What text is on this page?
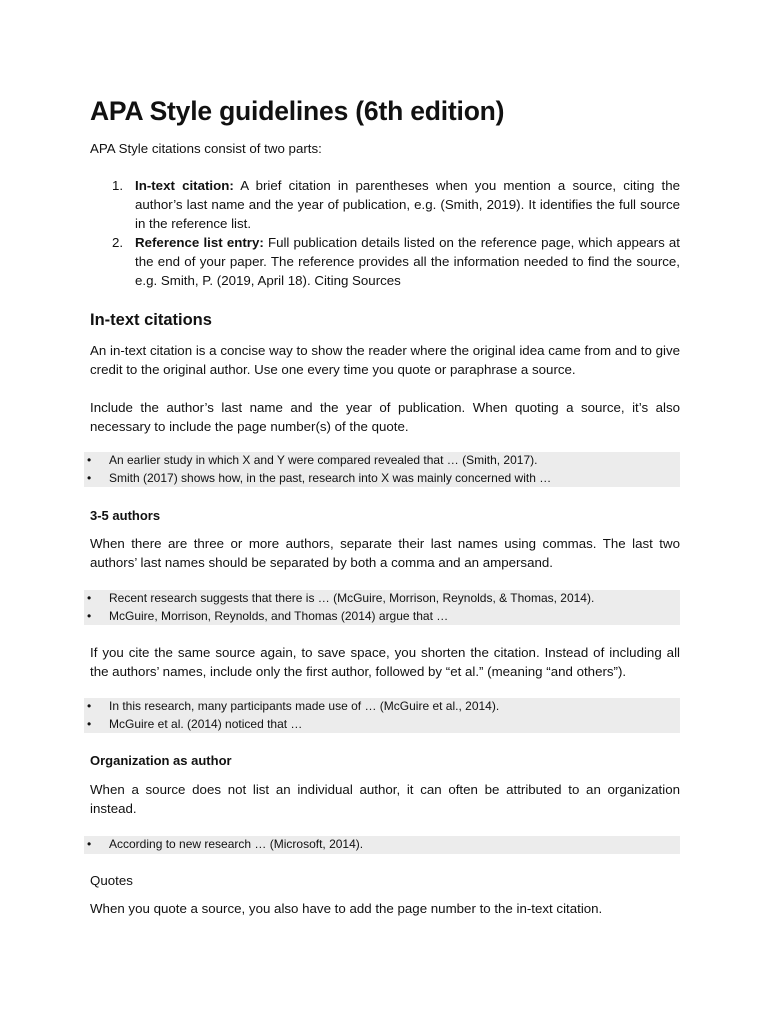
APA Style guidelines (6th edition)

APA Style citations consist of two parts:

1. In-text citation: A brief citation in parentheses when you mention a source, citing the author’s last name and the year of publication, e.g. (Smith, 2019). It identifies the full source in the reference list.
2. Reference list entry: Full publication details listed on the reference page, which appears at the end of your paper. The reference provides all the information needed to find the source, e.g. Smith, P. (2019, April 18). Citing Sources
In-text citations

An in-text citation is a concise way to show the reader where the original idea came from and to give credit to the original author. Use one every time you quote or paraphrase a source.

Include the author’s last name and the year of publication. When quoting a source, it’s also necessary to include the page number(s) of the quote.

• An earlier study in which X and Y were compared revealed that … (Smith, 2017).
• Smith (2017) shows how, in the past, research into X was mainly concerned with …
3-5 authors

When there are three or more authors, separate their last names using commas. The last two authors’ last names should be separated by both a comma and an ampersand.

• Recent research suggests that there is … (McGuire, Morrison, Reynolds, & Thomas, 2014).
• McGuire, Morrison, Reynolds, and Thomas (2014) argue that …

If you cite the same source again, to save space, you shorten the citation. Instead of including all the authors’ names, include only the first author, followed by “et al.” (meaning “and others”).

• In this research, many participants made use of … (McGuire et al., 2014).
• McGuire et al. (2014) noticed that …
Organization as author

When a source does not list an individual author, it can often be attributed to an organization instead.

• According to new research … (Microsoft, 2014).

Quotes

When you quote a source, you also have to add the page number to the in-text citation.
